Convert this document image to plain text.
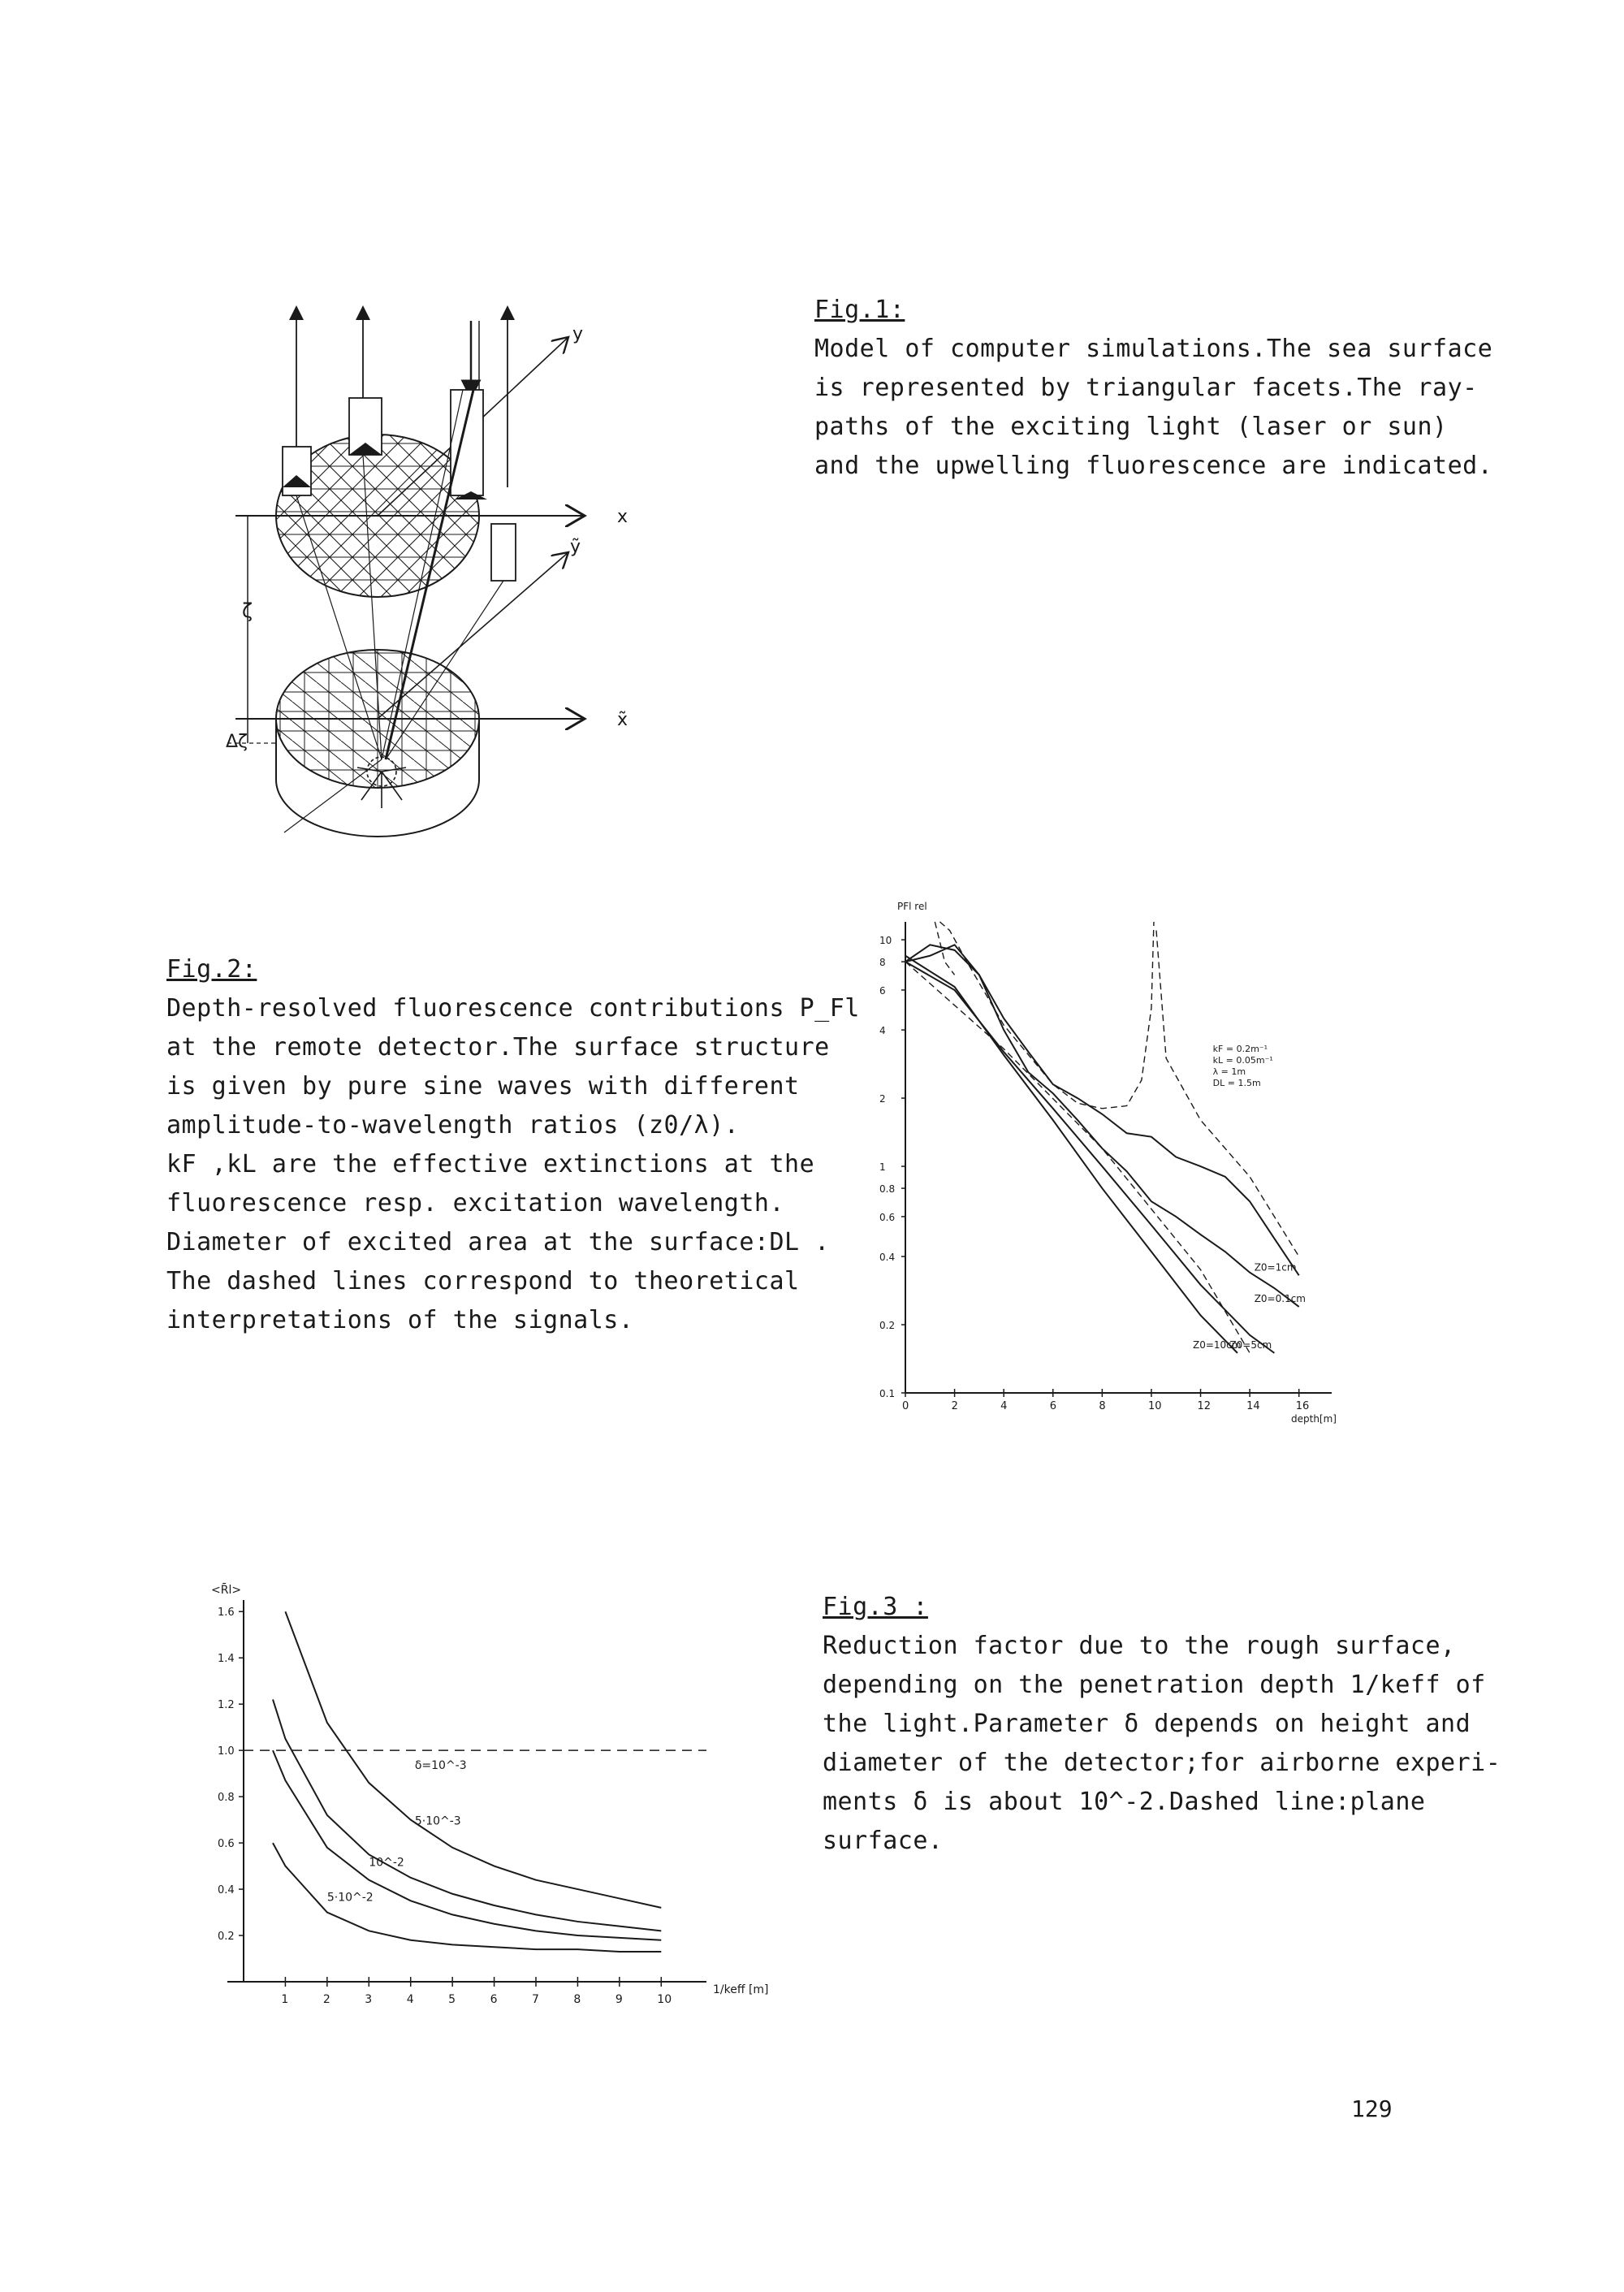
y
x
ỹ
x̃
ζ
Δζ

Fig.1:

Model of computer simulations.The sea surface

is represented by triangular facets.The ray-

paths of the exciting light (laser or sun)

and the upwelling fluorescence are indicated.

Fig.2:

Depth-resolved fluorescence contributions P_Fl

at the remote detector.The surface structure

is given by pure sine waves with different

amplitude-to-wavelength ratios (z0/λ).

kF ,kL are the effective extinctions at the

fluorescence resp. excitation wavelength.

Diameter of excited area at the surface:DL .

The dashed lines correspond to theoretical

interpretations of the signals.

0	2	4	6	8	10	12	14	16
0.1
0.2
0.4
0.6
0.8
1
2
4
6
8
10
PFl rel
depth[m]
kF = 0.2m⁻¹
kL = 0.05m⁻¹
λ = 1m
DL = 1.5m
Z0=1cm
Z0=0.1cm
Z0=5cm
Z0=10cm
1	2	3	4	5	6	7	8	9	10
0.2
0.4
0.6
0.8
1.0
1.2
1.4
1.6
<R̄l>
1/keff [m]
δ=10^-3
5·10^-3
10^-2
5·10^-2

Fig.3 :

Reduction factor due to the rough surface,

depending on the penetration depth 1/keff of

the light.Parameter δ depends on height and

diameter of the detector;for airborne experi-

ments δ is about 10^-2.Dashed line:plane

surface.

129
